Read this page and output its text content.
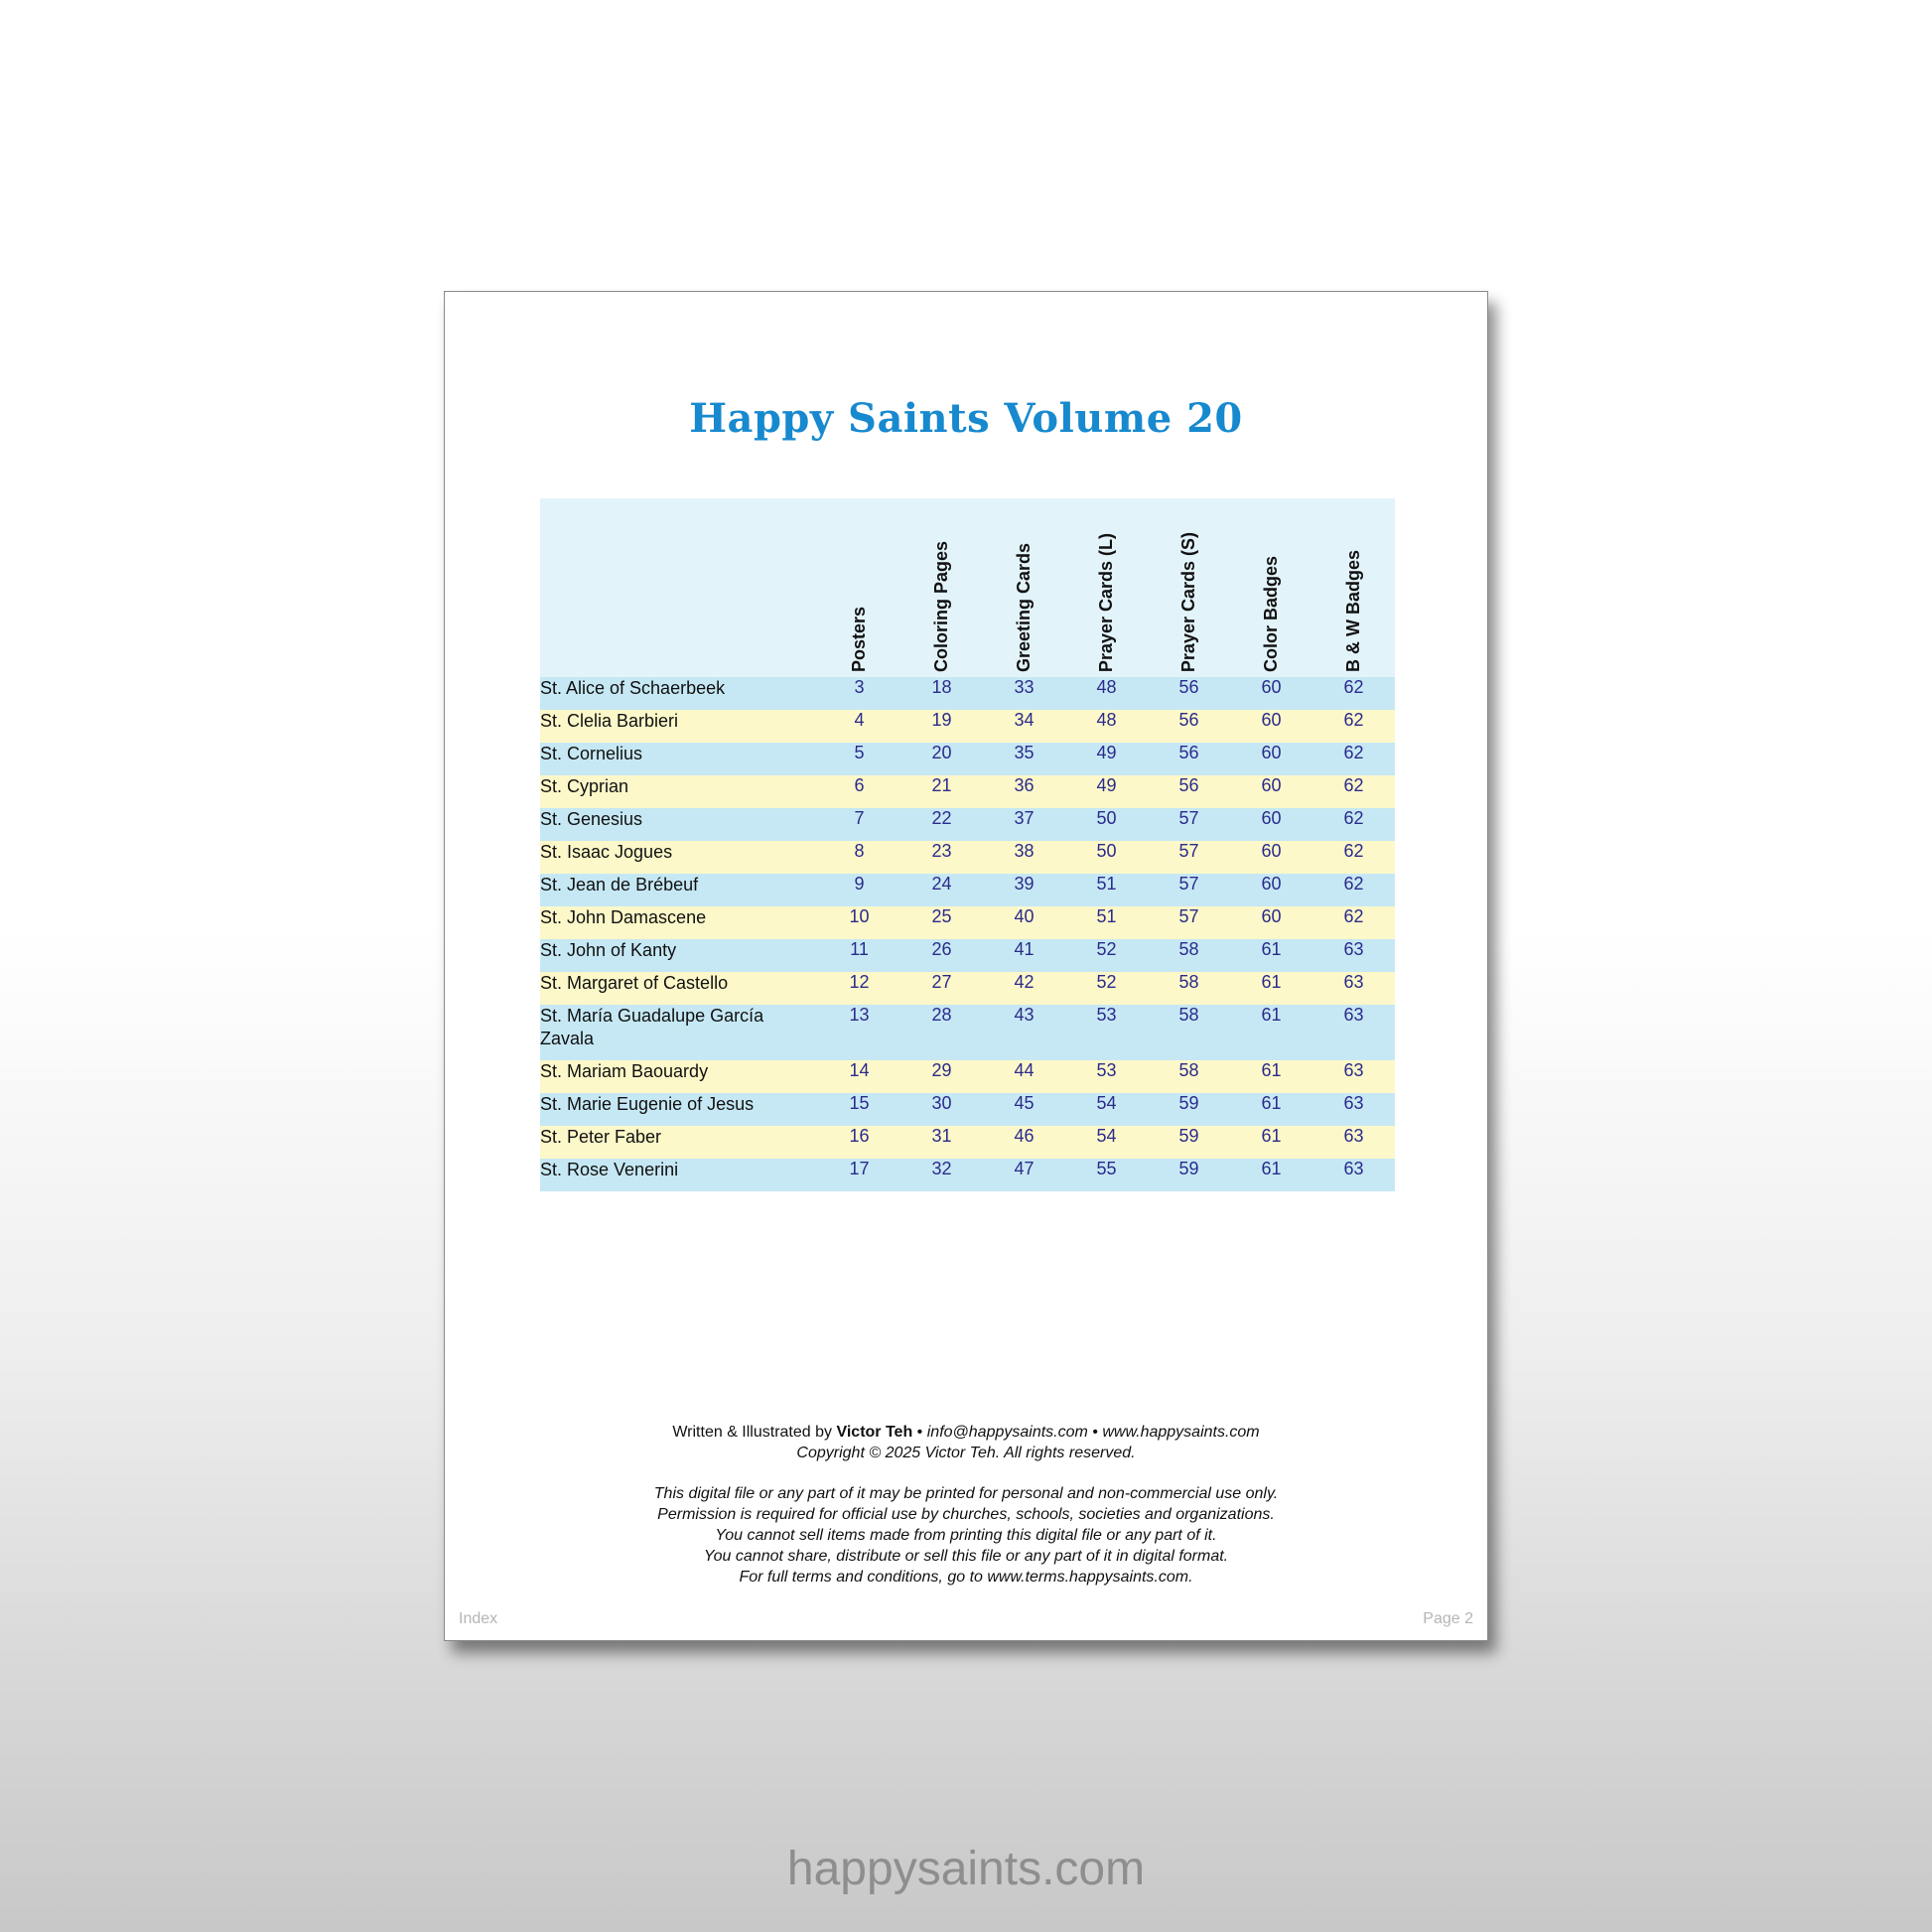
Happy Saints Volume 20
	Posters	Coloring Pages	Greeting Cards	Prayer Cards (L)	Prayer Cards (S)	Color Badges	B & W Badges
St. Alice of Schaerbeek	3	18	33	48	56	60	62
St. Clelia Barbieri	4	19	34	48	56	60	62
St. Cornelius	5	20	35	49	56	60	62
St. Cyprian	6	21	36	49	56	60	62
St. Genesius	7	22	37	50	57	60	62
St. Isaac Jogues	8	23	38	50	57	60	62
St. Jean de Brébeuf	9	24	39	51	57	60	62
St. John Damascene	10	25	40	51	57	60	62
St. John of Kanty	11	26	41	52	58	61	63
St. Margaret of Castello	12	27	42	52	58	61	63
St. María Guadalupe García Zavala	13	28	43	53	58	61	63
St. Mariam Baouardy	14	29	44	53	58	61	63
St. Marie Eugenie of Jesus	15	30	45	54	59	61	63
St. Peter Faber	16	31	46	54	59	61	63
St. Rose Venerini	17	32	47	55	59	61	63
Written & Illustrated by Victor Teh • info@happysaints.com • www.happysaints.com
Copyright © 2025 Victor Teh. All rights reserved.
This digital file or any part of it may be printed for personal and non-commercial use only.
Permission is required for official use by churches, schools, societies and organizations.
You cannot sell items made from printing this digital file or any part of it.
You cannot share, distribute or sell this file or any part of it in digital format.
For full terms and conditions, go to www.terms.happysaints.com.
Index	Page 2
happysaints.com
